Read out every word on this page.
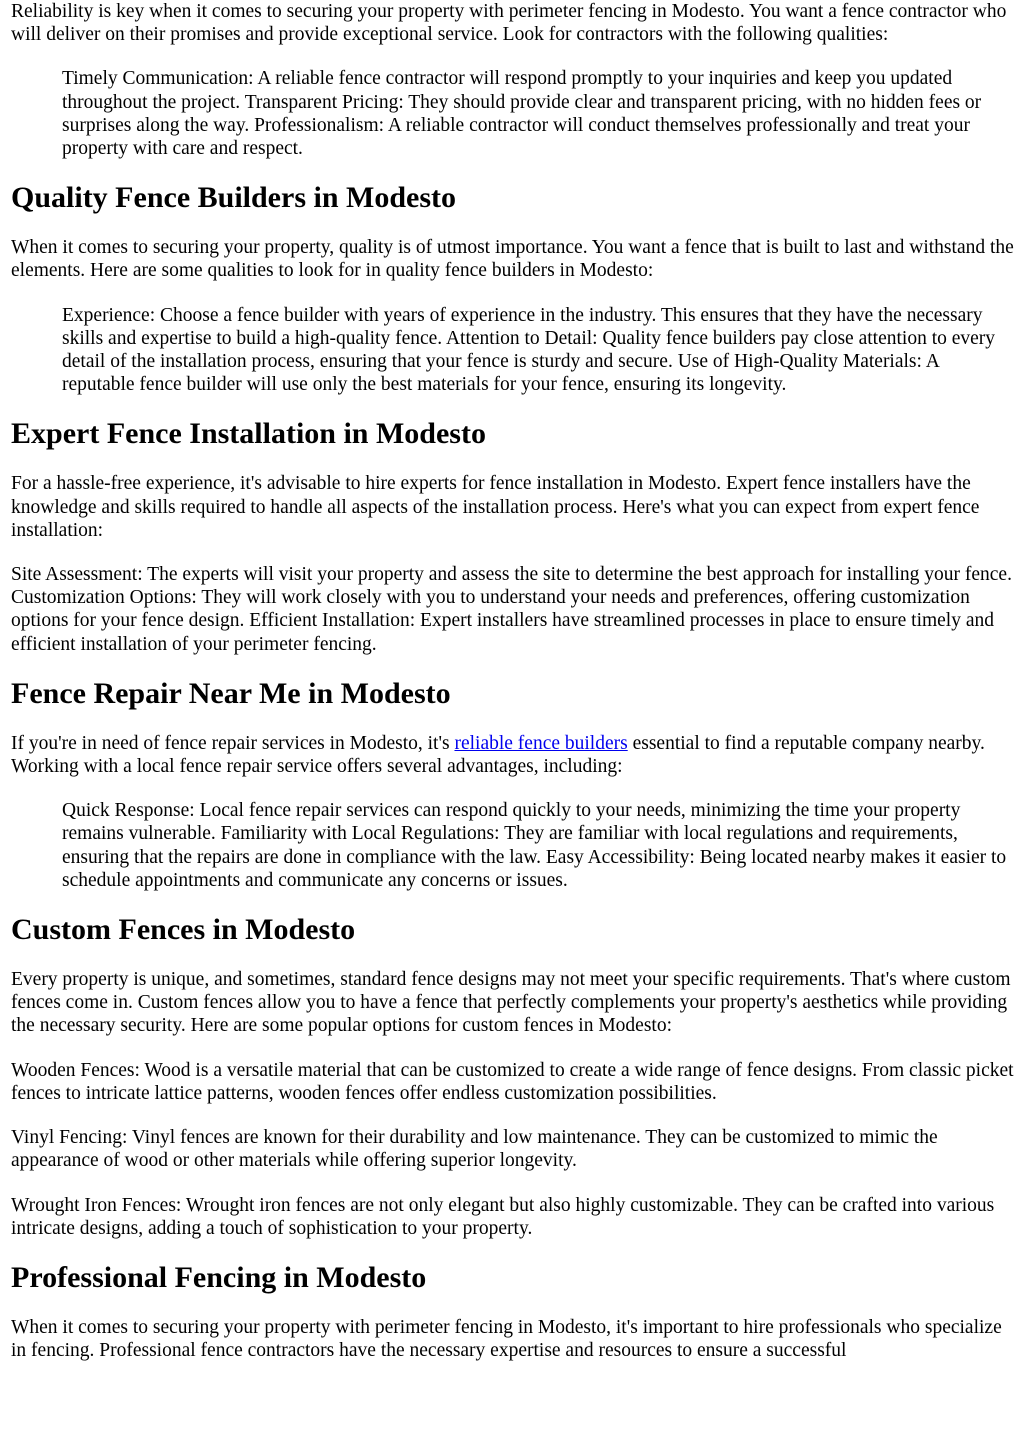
Reliability is key when it comes to securing your property with perimeter fencing in Modesto. You want a fence contractor who will deliver on their promises and provide exceptional service. Look for contractors with the following qualities:

Timely Communication: A reliable fence contractor will respond promptly to your inquiries and keep you updated throughout the project. Transparent Pricing: They should provide clear and transparent pricing, with no hidden fees or surprises along the way. Professionalism: A reliable contractor will conduct themselves professionally and treat your property with care and respect.
Quality Fence Builders in Modesto

When it comes to securing your property, quality is of utmost importance. You want a fence that is built to last and withstand the elements. Here are some qualities to look for in quality fence builders in Modesto:

Experience: Choose a fence builder with years of experience in the industry. This ensures that they have the necessary skills and expertise to build a high-quality fence. Attention to Detail: Quality fence builders pay close attention to every detail of the installation process, ensuring that your fence is sturdy and secure. Use of High-Quality Materials: A reputable fence builder will use only the best materials for your fence, ensuring its longevity.
Expert Fence Installation in Modesto

For a hassle-free experience, it's advisable to hire experts for fence installation in Modesto. Expert fence installers have the knowledge and skills required to handle all aspects of the installation process. Here's what you can expect from expert fence installation:

Site Assessment: The experts will visit your property and assess the site to determine the best approach for installing your fence. Customization Options: They will work closely with you to understand your needs and preferences, offering customization options for your fence design. Efficient Installation: Expert installers have streamlined processes in place to ensure timely and efficient installation of your perimeter fencing.

Fence Repair Near Me in Modesto

If you're in need of fence repair services in Modesto, it's reliable fence builders essential to find a reputable company nearby. Working with a local fence repair service offers several advantages, including:

Quick Response: Local fence repair services can respond quickly to your needs, minimizing the time your property remains vulnerable. Familiarity with Local Regulations: They are familiar with local regulations and requirements, ensuring that the repairs are done in compliance with the law. Easy Accessibility: Being located nearby makes it easier to schedule appointments and communicate any concerns or issues.
Custom Fences in Modesto

Every property is unique, and sometimes, standard fence designs may not meet your specific requirements. That's where custom fences come in. Custom fences allow you to have a fence that perfectly complements your property's aesthetics while providing the necessary security. Here are some popular options for custom fences in Modesto:

Wooden Fences: Wood is a versatile material that can be customized to create a wide range of fence designs. From classic picket fences to intricate lattice patterns, wooden fences offer endless customization possibilities.

Vinyl Fencing: Vinyl fences are known for their durability and low maintenance. They can be customized to mimic the appearance of wood or other materials while offering superior longevity.

Wrought Iron Fences: Wrought iron fences are not only elegant but also highly customizable. They can be crafted into various intricate designs, adding a touch of sophistication to your property.

Professional Fencing in Modesto

When it comes to securing your property with perimeter fencing in Modesto, it's important to hire professionals who specialize in fencing. Professional fence contractors have the necessary expertise and resources to ensure a successful
